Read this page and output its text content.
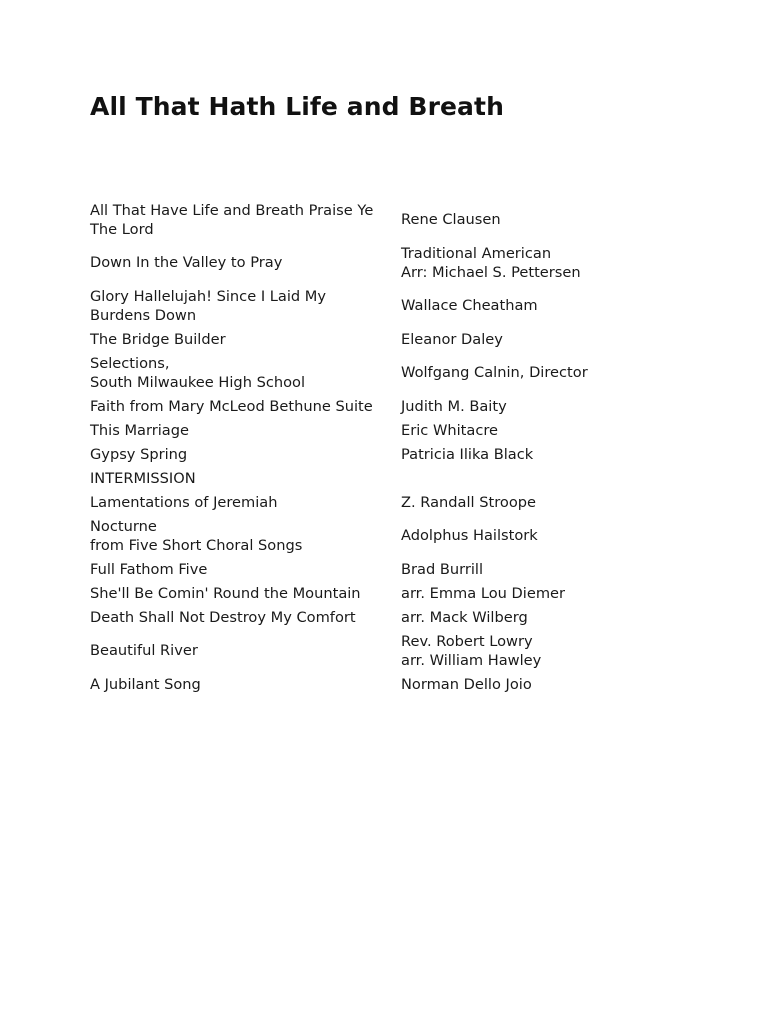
All That Hath Life and Breath
All That Have Life and Breath Praise Ye
The Lord	Rene Clausen

Down In the Valley to Pray	Traditional American
Arr: Michael S. Pettersen

Glory Hallelujah! Since I Laid My
Burdens Down	Wallace Cheatham

The Bridge Builder	Eleanor Daley

Selections,
South Milwaukee High School	Wolfgang Calnin, Director

Faith from Mary McLeod Bethune Suite	Judith M. Baity

This Marriage	Eric Whitacre

Gypsy Spring	Patricia Ilika Black

INTERMISSION	

Lamentations of Jeremiah	Z. Randall Stroope

Nocturne
from Five Short Choral Songs	Adolphus Hailstork

Full Fathom Five	Brad Burrill

She'll Be Comin' Round the Mountain	arr. Emma Lou Diemer

Death Shall Not Destroy My Comfort	arr. Mack Wilberg

Beautiful River	Rev. Robert Lowry
arr. William Hawley

A Jubilant Song	Norman Dello Joio
